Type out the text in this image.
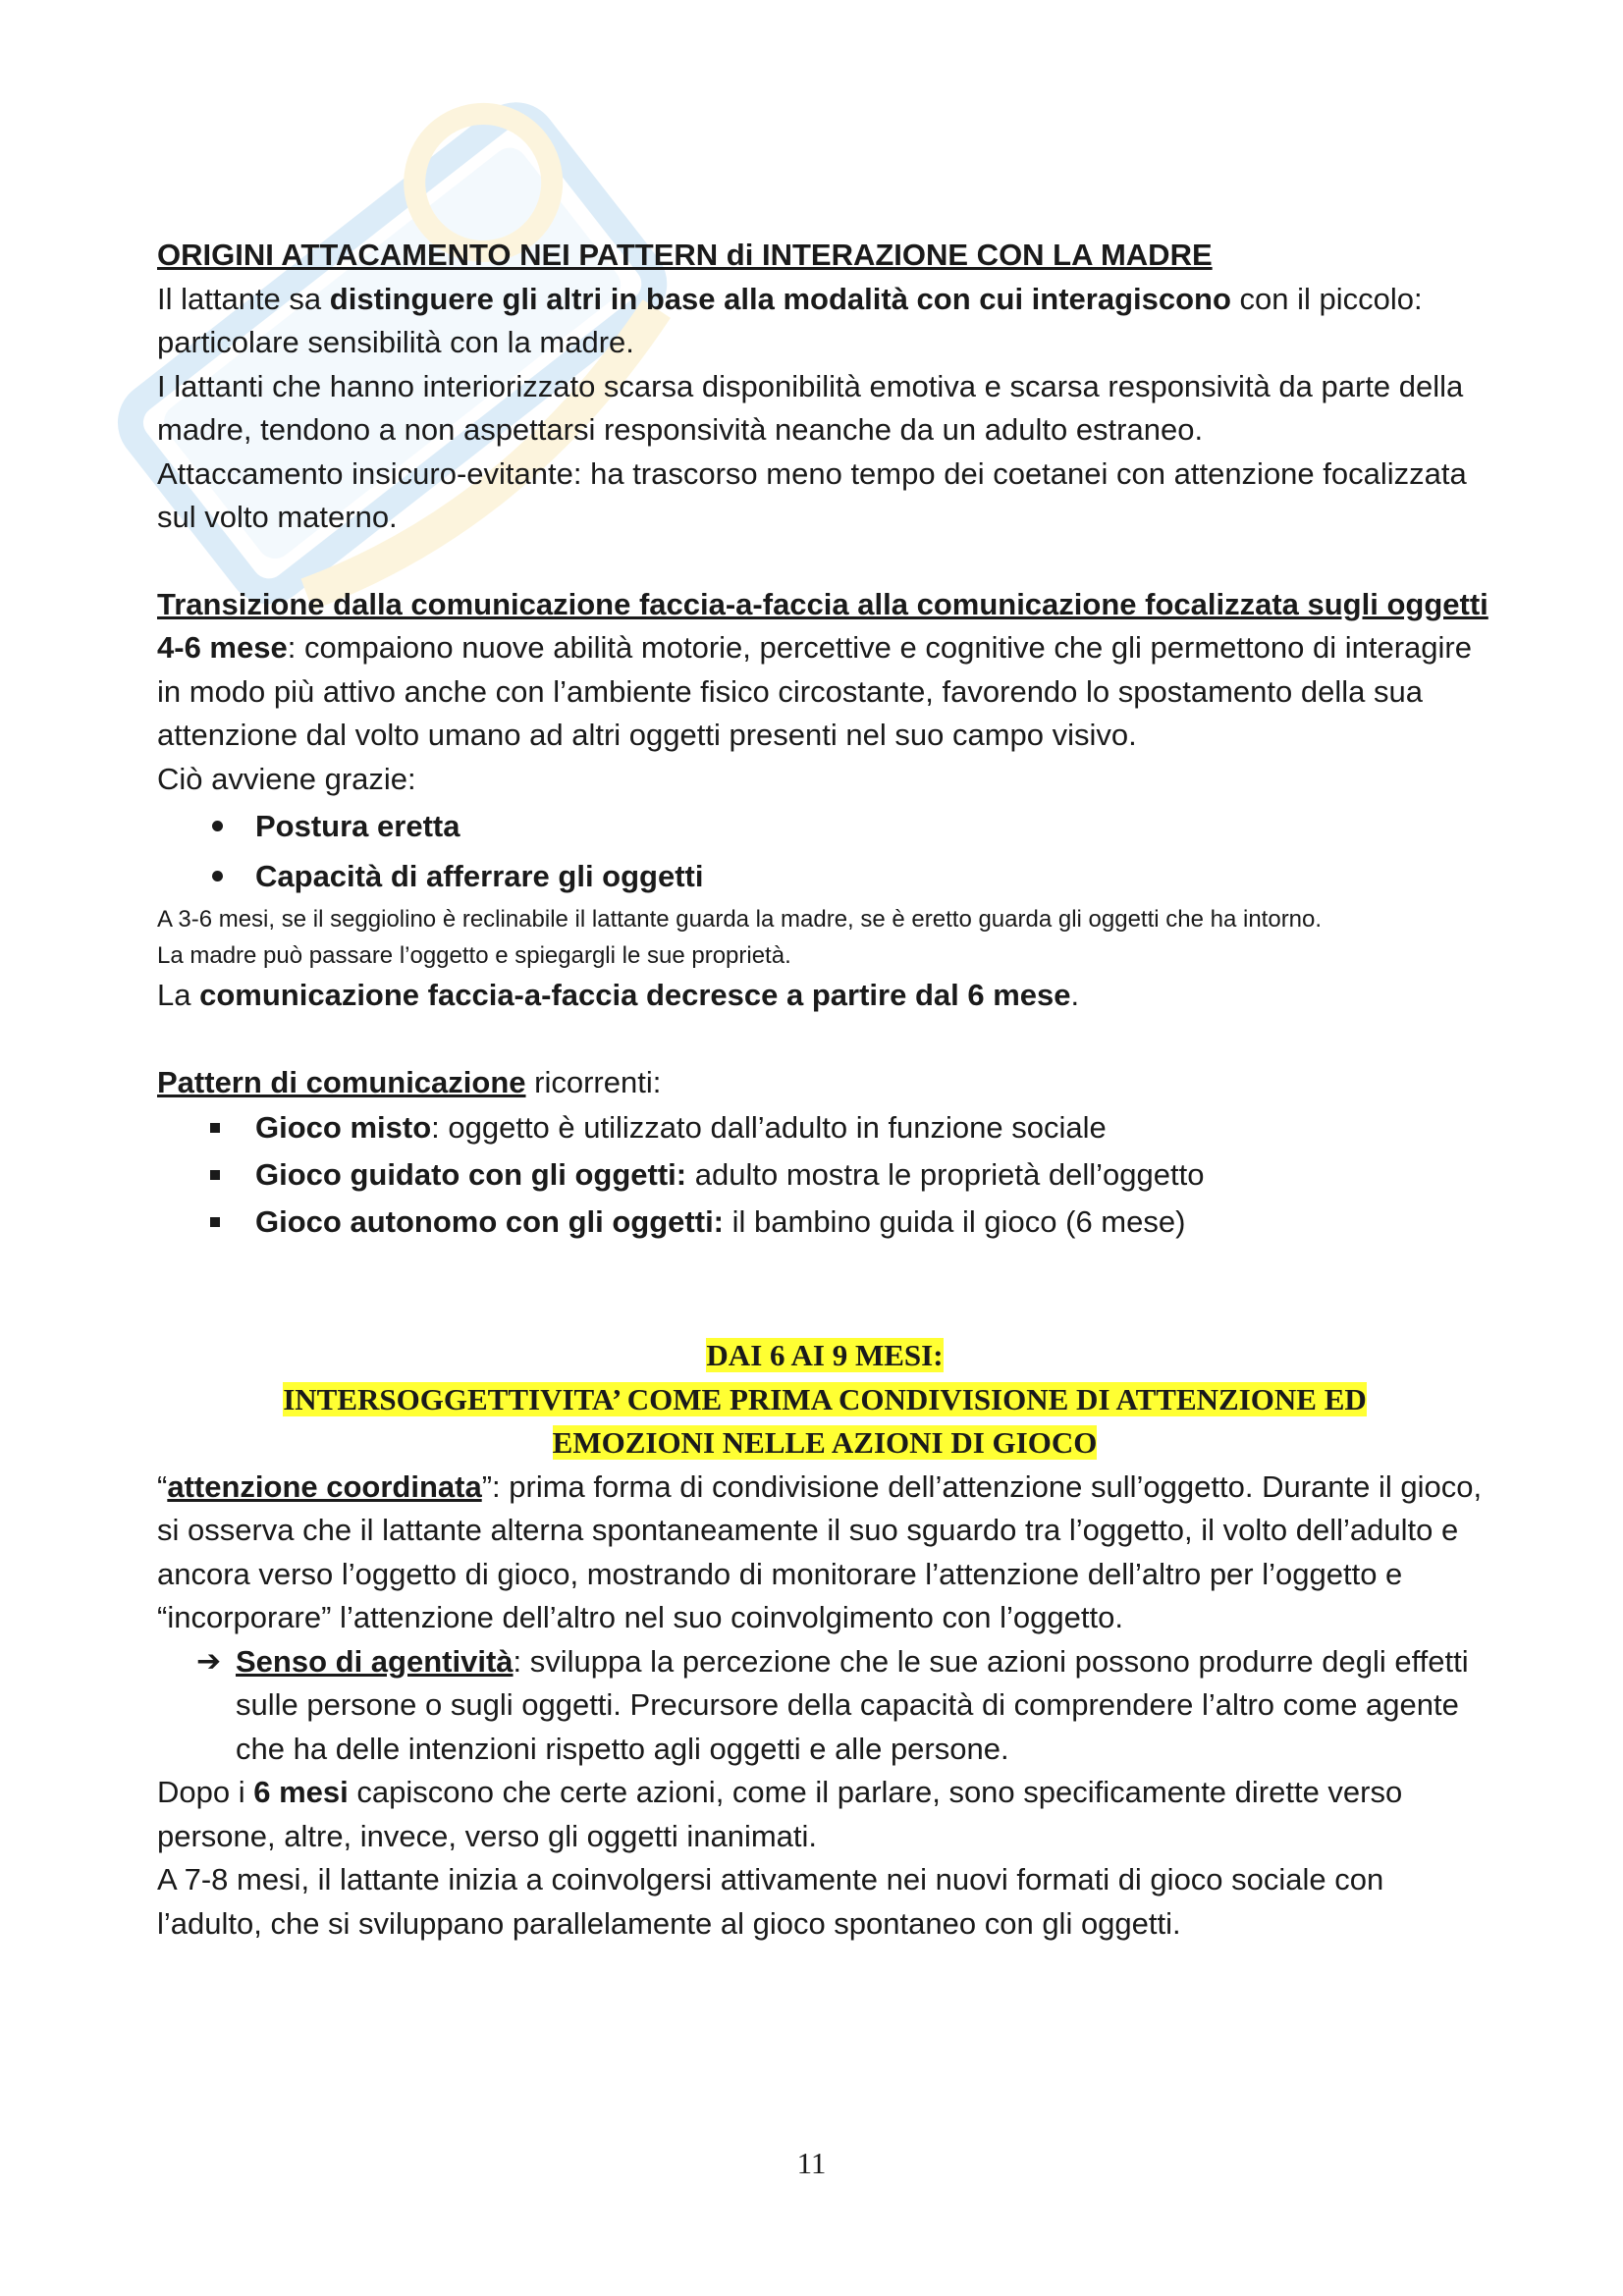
ORIGINI ATTACAMENTO NEI PATTERN di INTERAZIONE CON LA MADRE

Il lattante sa distinguere gli altri in base alla modalità con cui interagiscono con il piccolo: particolare sensibilità con la madre.

I lattanti che hanno interiorizzato scarsa disponibilità emotiva e scarsa responsività da parte della madre, tendono a non aspettarsi responsività neanche da un adulto estraneo.

Attaccamento insicuro-evitante: ha trascorso meno tempo dei coetanei con attenzione focalizzata sul volto materno.

Transizione dalla comunicazione faccia-a-faccia alla comunicazione focalizzata sugli oggetti

4-6 mese: compaiono nuove abilità motorie, percettive e cognitive che gli permettono di interagire in modo più attivo anche con l’ambiente fisico circostante, favorendo lo spostamento della sua attenzione dal volto umano ad altri oggetti presenti nel suo campo visivo.

Ciò avviene grazie:

Postura eretta
Capacità di afferrare gli oggetti

A 3-6 mesi, se il seggiolino è reclinabile il lattante guarda la madre, se è eretto guarda gli oggetti che ha intorno.

La madre può passare l’oggetto e spiegargli le sue proprietà.

La comunicazione faccia-a-faccia decresce a partire dal 6 mese.

Pattern di comunicazione ricorrenti:

Gioco misto: oggetto è utilizzato dall’adulto in funzione sociale
Gioco guidato con gli oggetti: adulto mostra le proprietà dell’oggetto
Gioco autonomo con gli oggetti: il bambino guida il gioco (6 mese)

DAI 6 AI 9 MESI:

INTERSOGGETTIVITA’ COME PRIMA CONDIVISIONE DI ATTENZIONE ED

EMOZIONI NELLE AZIONI DI GIOCO

“attenzione coordinata”: prima forma di condivisione dell’attenzione sull’oggetto. Durante il gioco, si osserva che il lattante alterna spontaneamente il suo sguardo tra l’oggetto, il volto dell’adulto e ancora verso l’oggetto di gioco, mostrando di monitorare l’attenzione dell’altro per l’oggetto e “incorporare” l’attenzione dell’altro nel suo coinvolgimento con l’oggetto.

➔ Senso di agentività: sviluppa la percezione che le sue azioni possono produrre degli effetti sulle persone o sugli oggetti. Precursore della capacità di comprendere l’altro come agente che ha delle intenzioni rispetto agli oggetti e alle persone.

Dopo i 6 mesi capiscono che certe azioni, come il parlare, sono specificamente dirette verso persone, altre, invece, verso gli oggetti inanimati.

A 7-8 mesi, il lattante inizia a coinvolgersi attivamente nei nuovi formati di gioco sociale con l’adulto, che si sviluppano parallelamente al gioco spontaneo con gli oggetti.

11
